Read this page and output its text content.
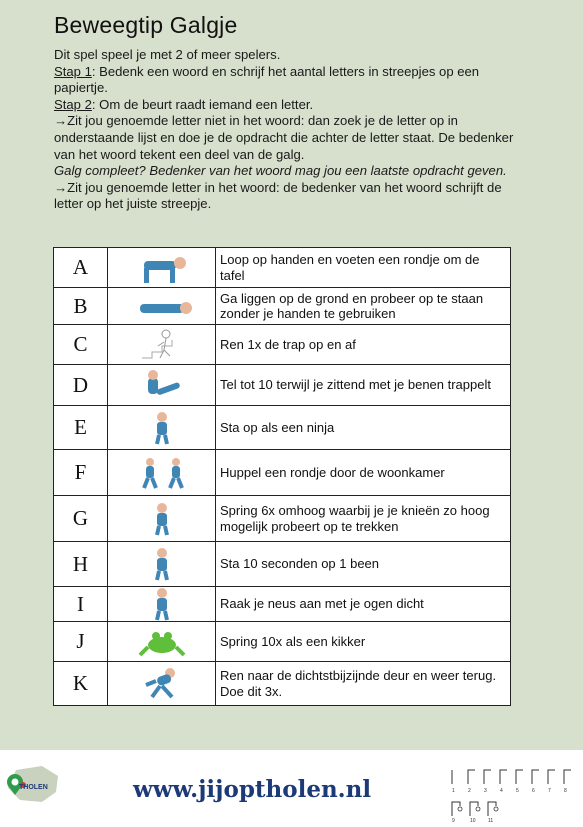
Beweegtip Galgje

Dit spel speel je met 2 of meer spelers.

Stap 1: Bedenk een woord en schrijf het aantal letters in streepjes op een papiertje.

Stap 2: Om de beurt raadt iemand een letter.

→Zit jou genoemde letter niet in het woord: dan zoek je de letter op in onderstaande lijst en doe je de opdracht die achter de letter staat. De bedenker van het woord tekent een deel van de galg.

Galg compleet? Bedenker van het woord mag jou een laatste opdracht geven.

→Zit jou genoemde letter in het woord: de bedenker van het woord schrijft de letter op het juiste streepje.

A		Loop op handen en voeten een rondje om de tafel
B		Ga liggen op de grond en probeer op te staan zonder je handen te gebruiken
C		Ren 1x de trap op en af
D		Tel tot 10 terwijl je zittend met je benen trappelt
E		Sta op als een ninja
F		Huppel een rondje door de woonkamer
G		Spring 6x omhoog waarbij je je knieën zo hoog mogelijk probeert op te trekken
H		Sta 10 seconden op 1 been
I		Raak je neus aan met je ogen dicht
J		Spring 10x als een kikker
K		Ren naar de dichtstbijzijnde deur en weer terug. Doe dit 3x.
THOLEN	www.jijoptholen.nl	1	2	3	4	5	6	7	8
9	10 11
